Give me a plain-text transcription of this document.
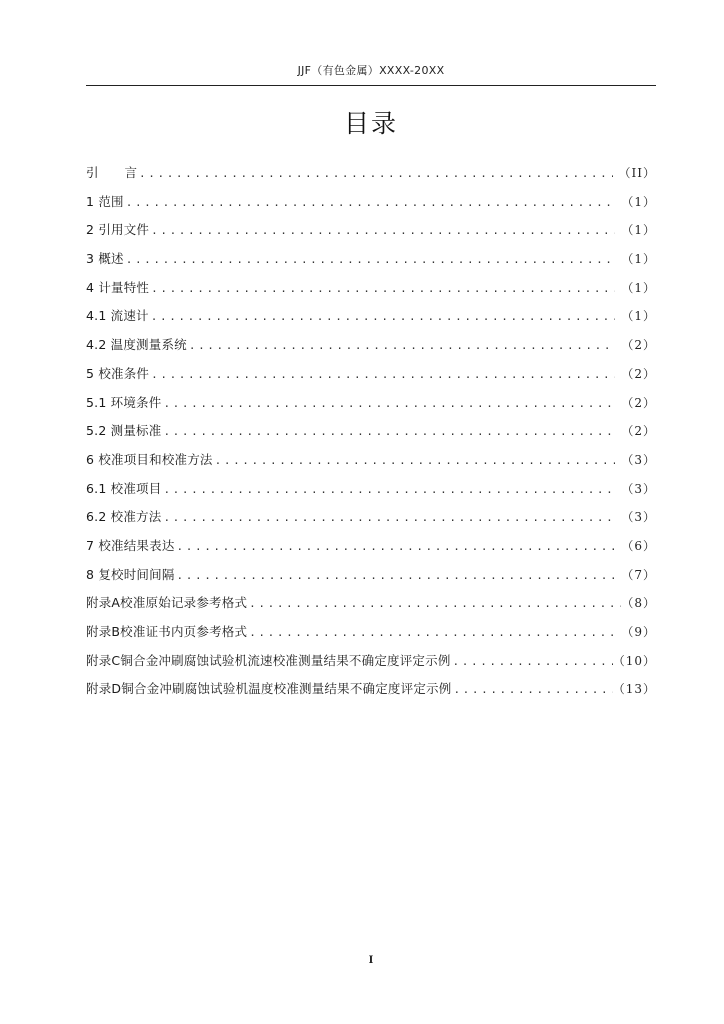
JJF（有色金属）XXXX-20XX
目录
引 言 .....	（II）
1 范围 .....	（1）
2 引用文件 .....	（1）
3 概述 .....	（1）
4 计量特性 .....	（1）
4.1 流速计 .....	（1）
4.2 温度测量系统 .....	（2）
5 校准条件 .....	（2）
5.1 环境条件 .....	（2）
5.2 测量标准 .....	（2）
6 校准项目和校准方法 .....	（3）
6.1 校准项目 .....	（3）
6.2 校准方法 .....	（3）
7 校准结果表达 .....	（6）
8 复校时间间隔 .....	（7）
附录A校准原始记录参考格式 .....	（8）
附录B校准证书内页参考格式 .....	（9）
附录C铜合金冲刷腐蚀试验机流速校准测量结果不确定度评定示例 .....	（10）
附录D铜合金冲刷腐蚀试验机温度校准测量结果不确定度评定示例 .....	（13）
I
